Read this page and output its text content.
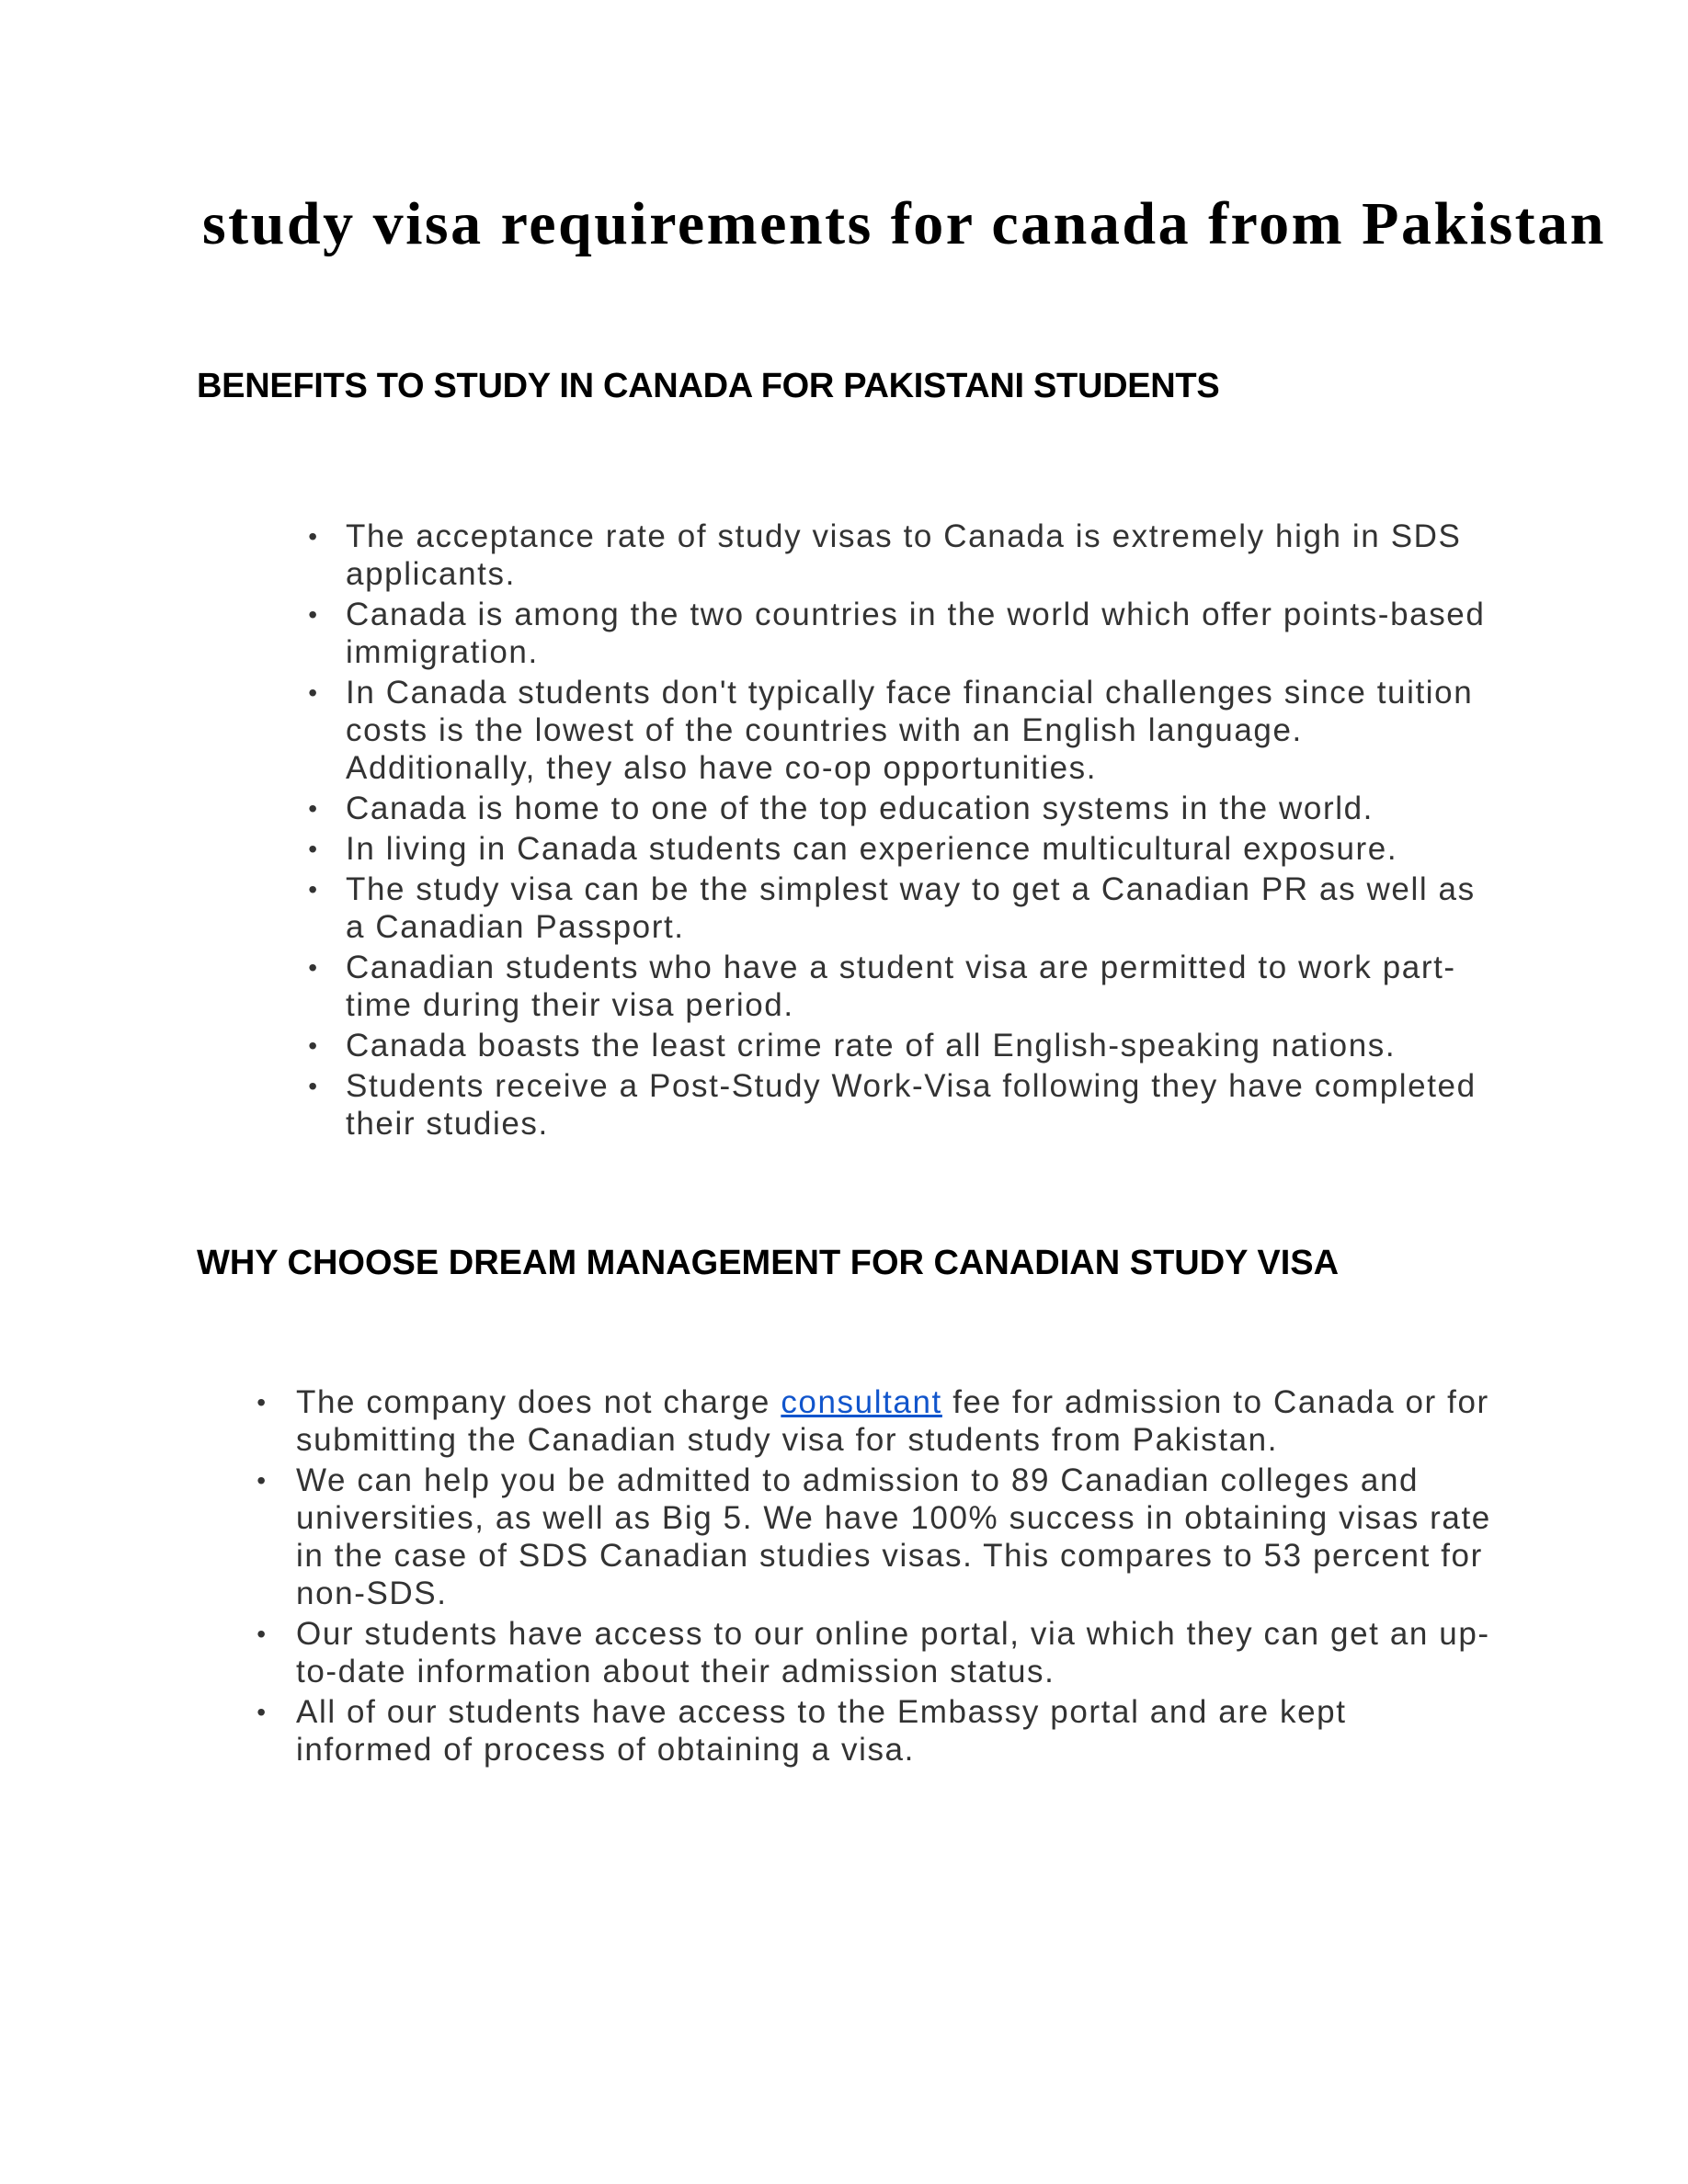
study visa requirements for canada from Pakistan
BENEFITS TO STUDY IN CANADA FOR PAKISTANI STUDENTS
• The acceptance rate of study visas to Canada is extremely high in SDS applicants.
• Canada is among the two countries in the world which offer points-based immigration.
• In Canada students don't typically face financial challenges since tuition costs is the lowest of the countries with an English language. Additionally, they also have co-op opportunities.
• Canada is home to one of the top education systems in the world.
• In living in Canada students can experience multicultural exposure.
• The study visa can be the simplest way to get a Canadian PR as well as a Canadian Passport.
• Canadian students who have a student visa are permitted to work part-time during their visa period.
• Canada boasts the least crime rate of all English-speaking nations.
• Students receive a Post-Study Work-Visa following they have completed their studies.
WHY CHOOSE DREAM MANAGEMENT FOR CANADIAN STUDY VISA
• The company does not charge consultant fee for admission to Canada or for submitting the Canadian study visa for students from Pakistan.
• We can help you be admitted to admission to 89 Canadian colleges and universities, as well as Big 5. We have 100% success in obtaining visas rate in the case of SDS Canadian studies visas. This compares to 53 percent for non-SDS.
• Our students have access to our online portal, via which they can get an up-to-date information about their admission status.
• All of our students have access to the Embassy portal and are kept informed of process of obtaining a visa.
